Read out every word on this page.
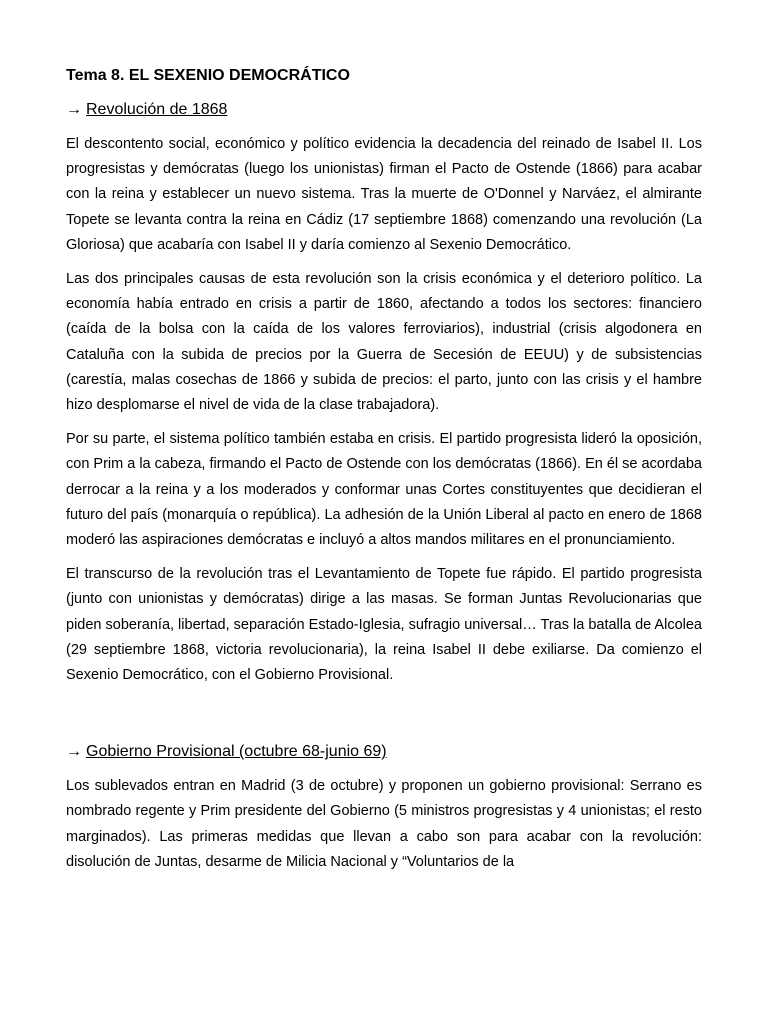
Tema 8. EL SEXENIO DEMOCRÁTICO
→ Revolución de 1868

El descontento social, económico y político evidencia la decadencia del reinado de Isabel II. Los progresistas y demócratas (luego los unionistas) firman el Pacto de Ostende (1866) para acabar con la reina y establecer un nuevo sistema. Tras la muerte de O'Donnel y Narváez, el almirante Topete se levanta contra la reina en Cádiz (17 septiembre 1868) comenzando una revolución (La Gloriosa) que acabaría con Isabel II y daría comienzo al Sexenio Democrático.

Las dos principales causas de esta revolución son la crisis económica y el deterioro político. La economía había entrado en crisis a partir de 1860, afectando a todos los sectores: financiero (caída de la bolsa con la caída de los valores ferroviarios), industrial (crisis algodonera en Cataluña con la subida de precios por la Guerra de Secesión de EEUU) y de subsistencias (carestía, malas cosechas de 1866 y subida de precios: el parto, junto con las crisis y el hambre hizo desplomarse el nivel de vida de la clase trabajadora).

Por su parte, el sistema político también estaba en crisis. El partido progresista lideró la oposición, con Prim a la cabeza, firmando el Pacto de Ostende con los demócratas (1866). En él se acordaba derrocar a la reina y a los moderados y conformar unas Cortes constituyentes que decidieran el futuro del país (monarquía o república). La adhesión de la Unión Liberal al pacto en enero de 1868 moderó las aspiraciones demócratas e incluyó a altos mandos militares en el pronunciamiento.

El transcurso de la revolución tras el Levantamiento de Topete fue rápido. El partido progresista (junto con unionistas y demócratas) dirige a las masas. Se forman Juntas Revolucionarias que piden soberanía, libertad, separación Estado-Iglesia, sufragio universal… Tras la batalla de Alcolea (29 septiembre 1868, victoria revolucionaria), la reina Isabel II debe exiliarse. Da comienzo el Sexenio Democrático, con el Gobierno Provisional.

→ Gobierno Provisional (octubre 68-junio 69)

Los sublevados entran en Madrid (3 de octubre) y proponen un gobierno provisional: Serrano es nombrado regente y Prim presidente del Gobierno (5 ministros progresistas y 4 unionistas; el resto marginados). Las primeras medidas que llevan a cabo son para acabar con la revolución: disolución de Juntas, desarme de Milicia Nacional y “Voluntarios de la
